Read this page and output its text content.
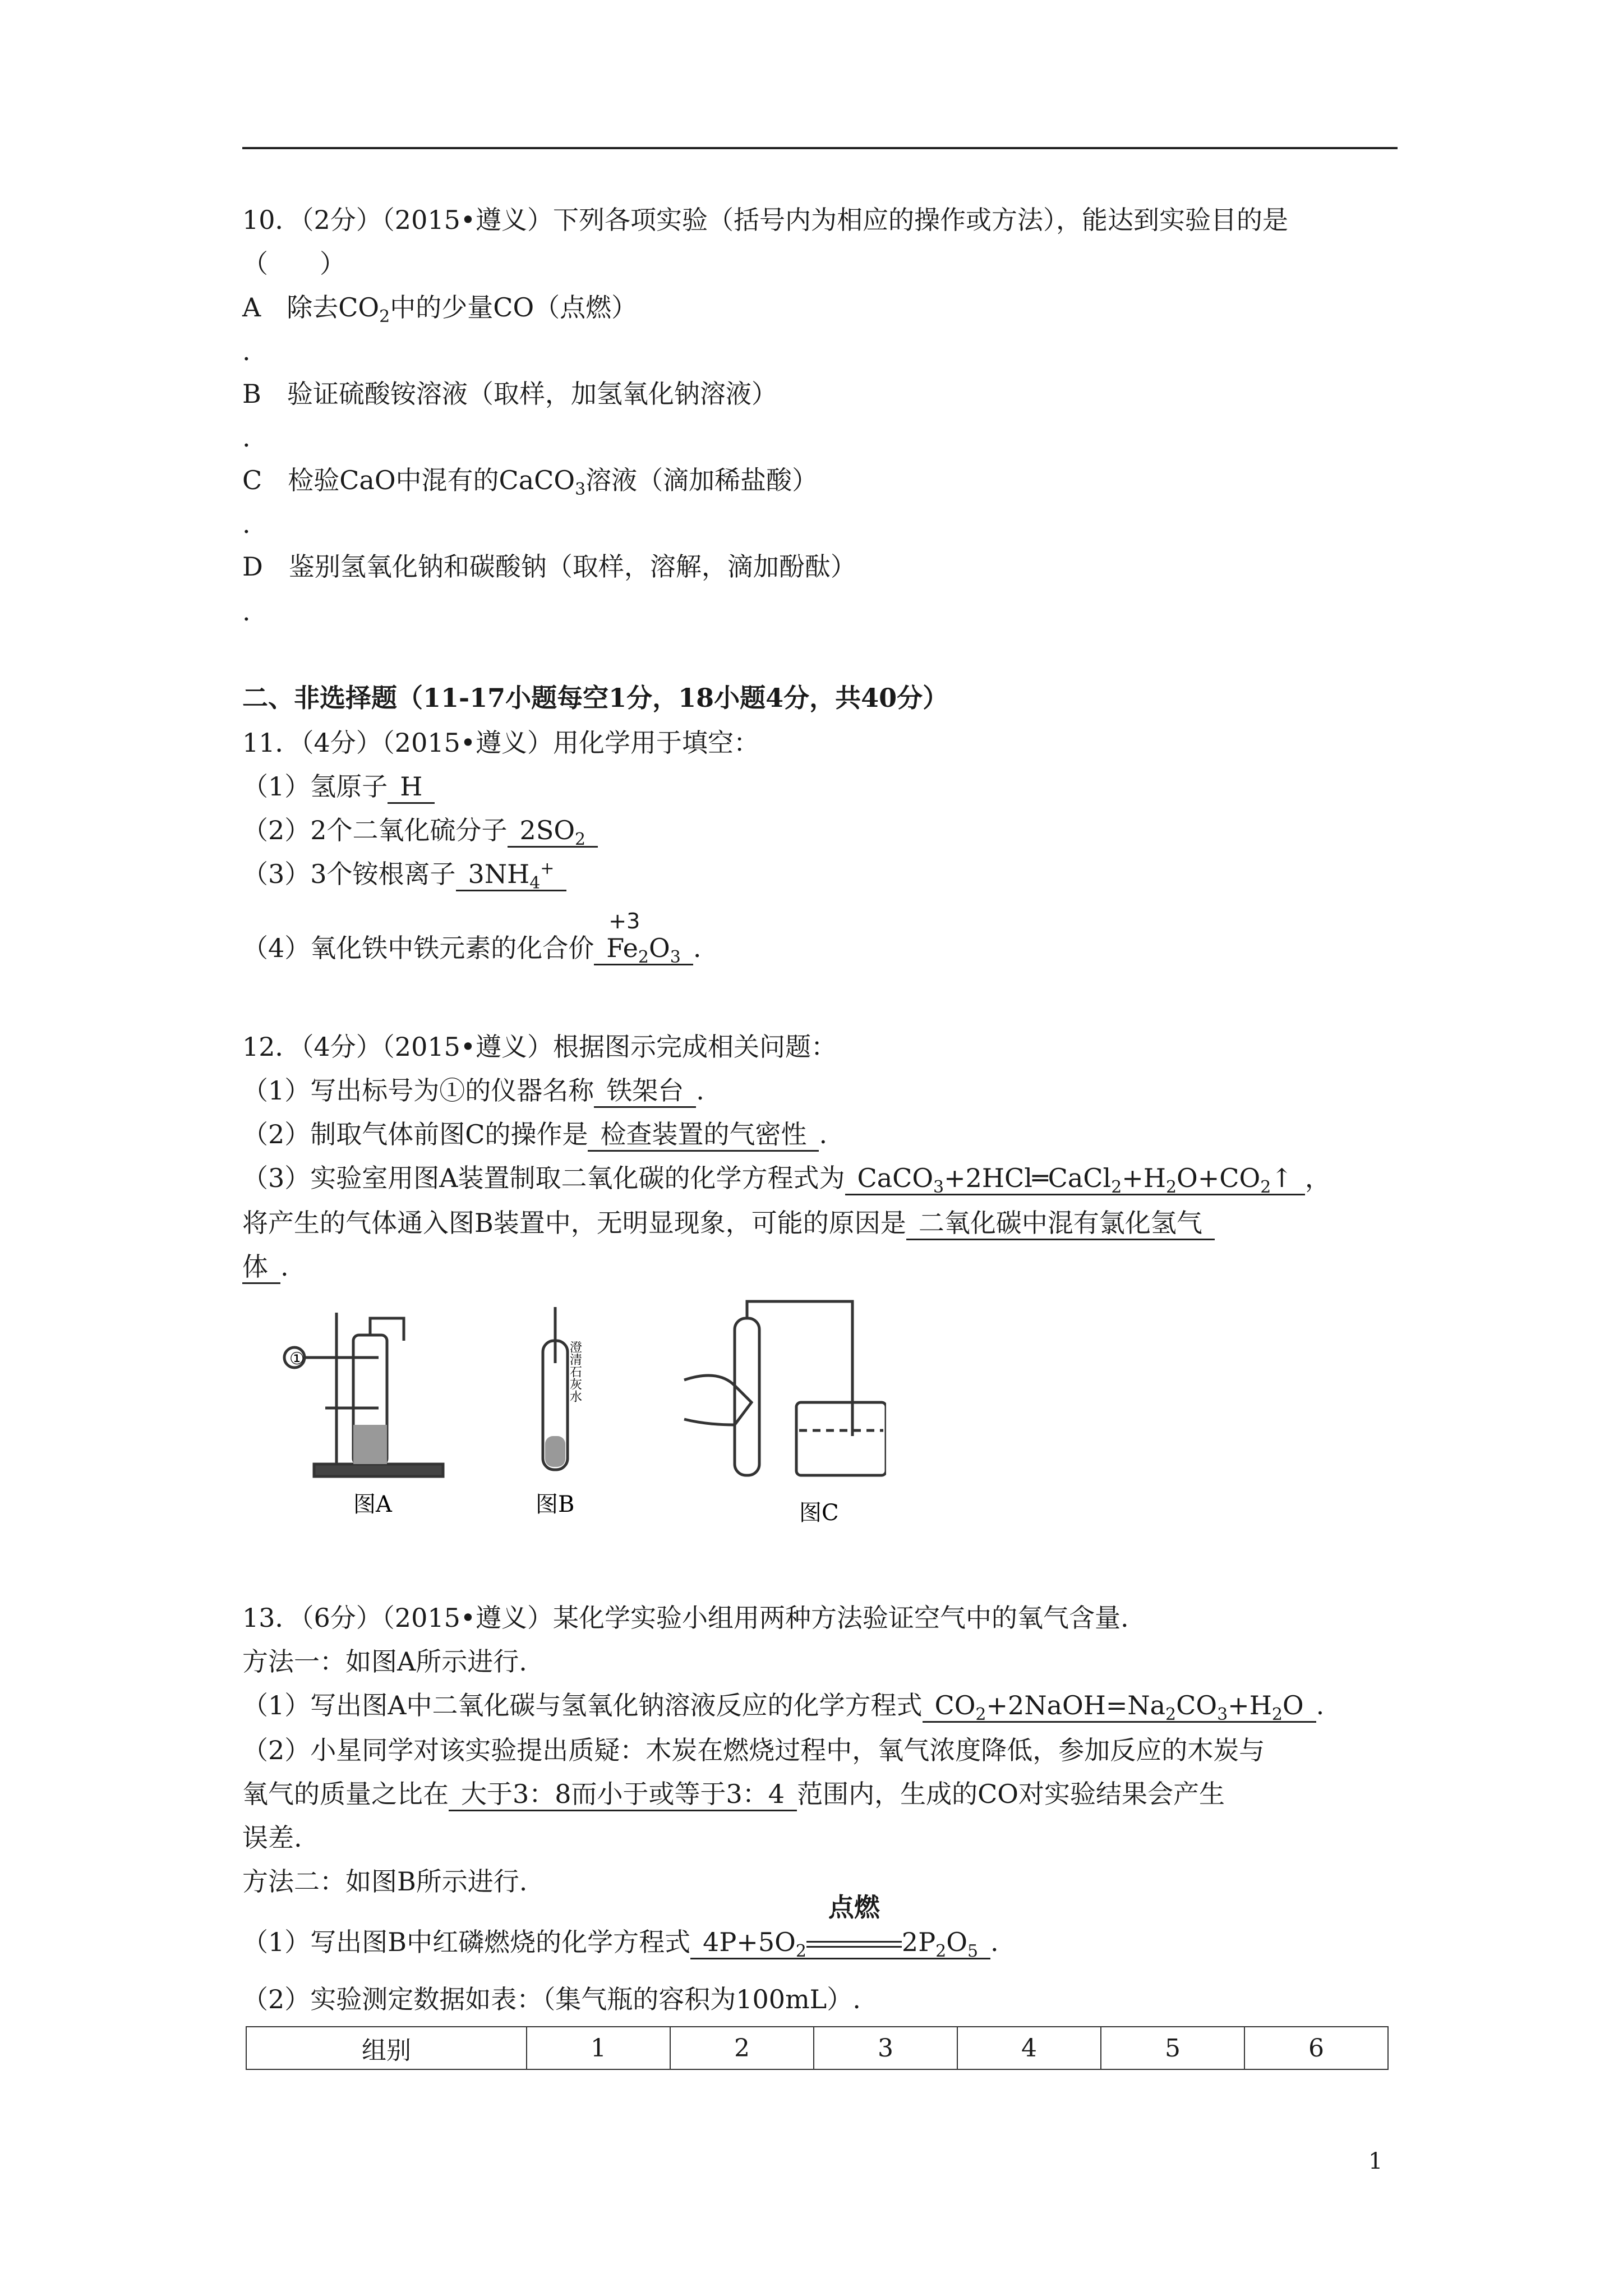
10．（2分）（2015•遵义）下列各项实验（括号内为相应的操作或方法），能达到实验目的是
（　　）
A  除去$CO_2$中的少量CO（点燃）
.
B  验证硫酸铵溶液（取样，加氢氧化钠溶液）
.
C  检验CaO中混有的CaCO$_3$溶液（滴加稀盐酸）
.
D  鉴别氢氧化钠和碳酸钠（取样，溶解，滴加酚酞）
.
二、非选择题（11-17小题每空1分，18小题4分，共40分）
11．（4分）（2015•遵义）用化学用于填空：
（1）氢原子 H
（2）2个二氧化硫分子 $2SO_2$
（3）3个铵根离子 $3NH_4^+$
（4）氧化铁中铁元素的化合价
+3
$Fe_2O_3$ .
12．（4分）（2015•遵义）根据图示完成相关问题：
（1）写出标号为①的仪器名称 铁架台 .
（2）制取气体前图C的操作是 检查装置的气密性 .
（3）实验室用图A装置制取二氧化碳的化学方程式为 $CaCO_3+2HCl═CaCl_2+H_2O+CO_2↑$ ，
将产生的气体通入图B装置中，无明显现象，可能的原因是 二氧化碳中混有氯化氢气
体 .
①
图A
澄清石灰水
图B	图C
13．（6分）（2015•遵义）某化学实验小组用两种方法验证空气中的氧气含量.
方法一：如图A所示进行.
（1）写出图A中二氧化碳与氢氧化钠溶液反应的化学方程式 $CO_2+2NaOH=Na_2CO_3+H_2O$ .
（2）小星同学对该实验提出质疑：木炭在燃烧过程中，氧气浓度降低，参加反应的木炭与
氧气的质量之比在 大于3：8而小于或等于3：4 范围内，生成的CO对实验结果会产生
误差.
方法二：如图B所示进行.
（1）写出图B中红磷燃烧的化学方程式 $4P+5O_2$
点燃
$2P_2O_5$ .
（2）实验测定数据如表：（集气瓶的容积为100mL）.
组别	1	2	3	4	5	6
1
